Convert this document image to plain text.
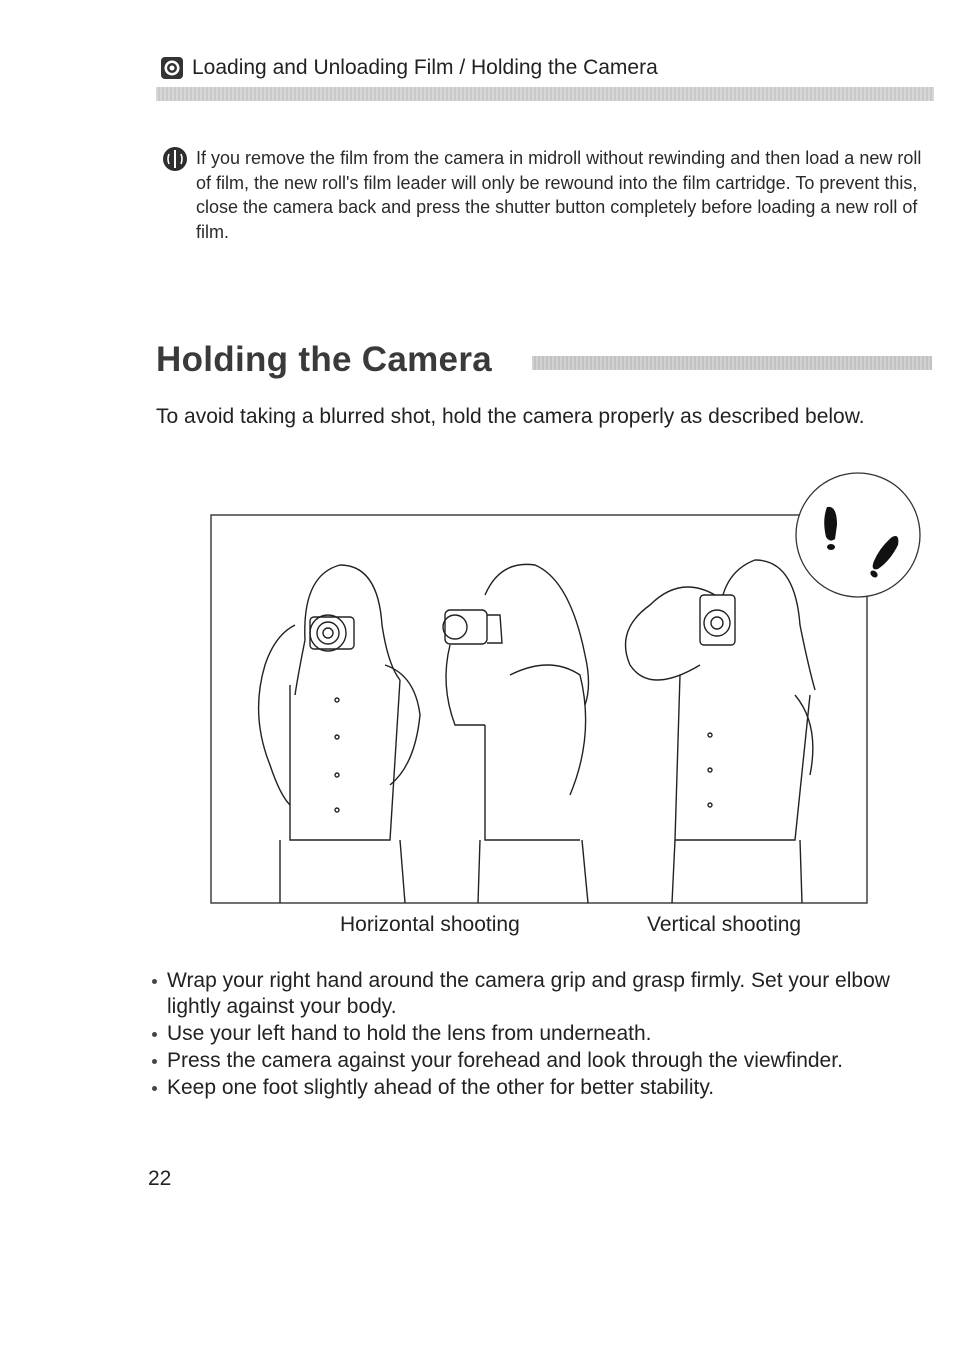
Loading and Unloading Film / Holding the Camera
If you remove the film from the camera in midroll without rewinding and then load a new roll of film, the new roll's film leader will only be rewound into the film cartridge. To prevent this, close the camera back and press the shutter button completely before loading a new roll of film.
Holding the Camera
To avoid taking a blurred shot, hold the camera properly as described below.
Horizontal shooting	Vertical shooting
Wrap your right hand around the camera grip and grasp firmly. Set your elbow lightly against your body.
Use your left hand to hold the lens from underneath.
Press the camera against your forehead and look through the viewfinder.
Keep one foot slightly ahead of the other for better stability.
22
